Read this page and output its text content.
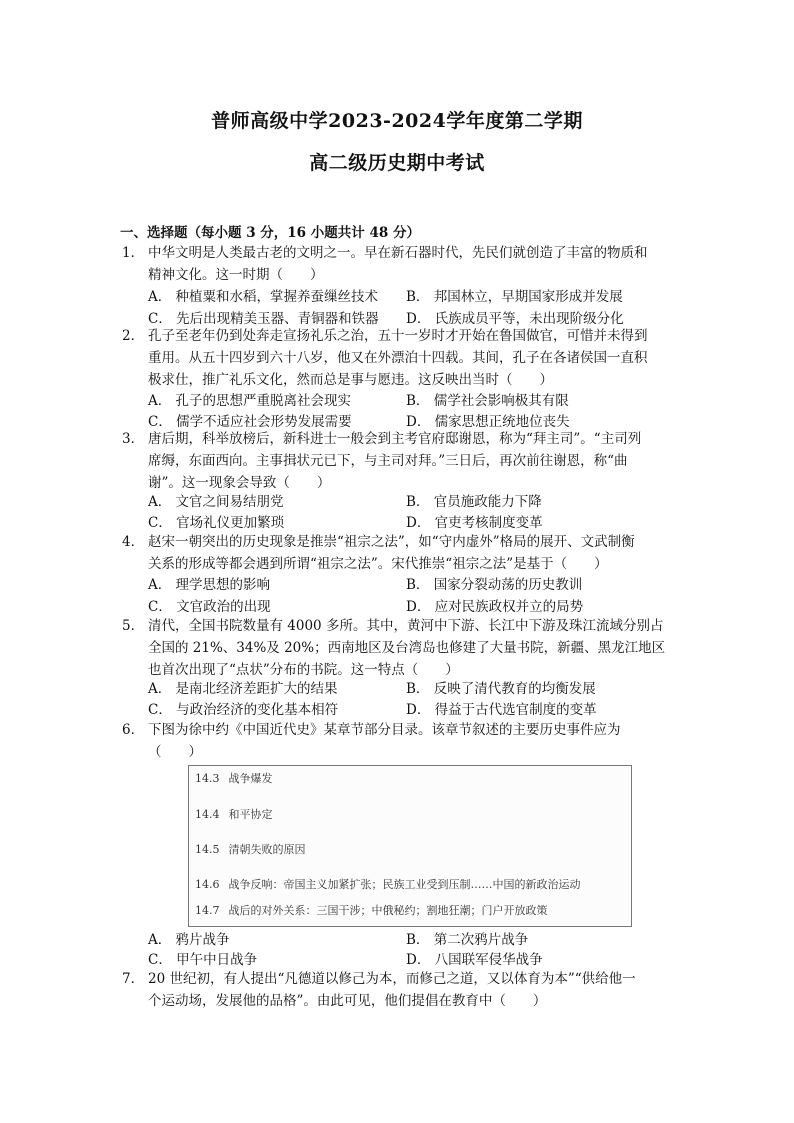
普师高级中学2023-2024学年度第二学期
高二级历史期中考试
一、选择题（每小题 3 分，16 小题共计 48 分）
1． 中华文明是人类最古老的文明之一。早在新石器时代，先民们就创造了丰富的物质和
精神文化。这一时期（　　）
A． 种植粟和水稻，掌握养蚕缫丝技术 B． 邦国林立，早期国家形成并发展
C． 先后出现精美玉器、青铜器和铁器 D． 氏族成员平等，未出现阶级分化
2． 孔子至老年仍到处奔走宣扬礼乐之治，五十一岁时才开始在鲁国做官，可惜并未得到
重用。从五十四岁到六十八岁，他又在外漂泊十四载。其间，孔子在各诸侯国一直积
极求仕，推广礼乐文化，然而总是事与愿违。这反映出当时（　　）
A． 孔子的思想严重脱离社会现实	B． 儒学社会影响极其有限
C． 儒学不适应社会形势发展需要	D． 儒家思想正统地位丧失
3． 唐后期，科举放榜后，新科进士一般会到主考官府邸谢恩，称为“拜主司”。“主司列
席缛，东面西向。主事揖状元已下，与主司对拜。”三日后，再次前往谢恩，称“曲
谢”。这一现象会导致（　　）
A． 文官之间易结朋党	B． 官员施政能力下降
C． 官场礼仪更加繁琐	D． 官吏考核制度变革
4． 赵宋一朝突出的历史现象是推崇“祖宗之法”，如“守内虚外”格局的展开、文武制衡
关系的形成等都会遇到所谓“祖宗之法”。宋代推崇“祖宗之法”是基于（　　）
A． 理学思想的影响	B． 国家分裂动荡的历史教训
C． 文官政治的出现	D． 应对民族政权并立的局势
5． 清代，全国书院数量有 4000 多所。其中，黄河中下游、长江中下游及珠江流域分别占
全国的 21%、34%及 20%；西南地区及台湾岛也修建了大量书院，新疆、黑龙江地区
也首次出现了“点状”分布的书院。这一特点（　　）
A． 是南北经济差距扩大的结果	B． 反映了清代教育的均衡发展
C． 与政治经济的变化基本相符	D． 得益于古代选官制度的变革
6． 下图为徐中约《中国近代史》某章节部分目录。该章节叙述的主要历史事件应为
（　　）
14.3 战争爆发
14.4 和平协定
14.5 清朝失败的原因
14.6 战争反响：帝国主义加紧扩张；民族工业受到压制……中国的新政治运动
14.7 战后的对外关系：三国干涉；中俄秘约；割地狂潮；门户开放政策
A． 鸦片战争	B． 第二次鸦片战争
C． 甲午中日战争	D． 八国联军侵华战争
7． 20 世纪初，有人提出“凡德道以修己为本，而修己之道，又以体育为本”“供给他一
个运动场，发展他的品格”。由此可见，他们提倡在教育中（　　）
